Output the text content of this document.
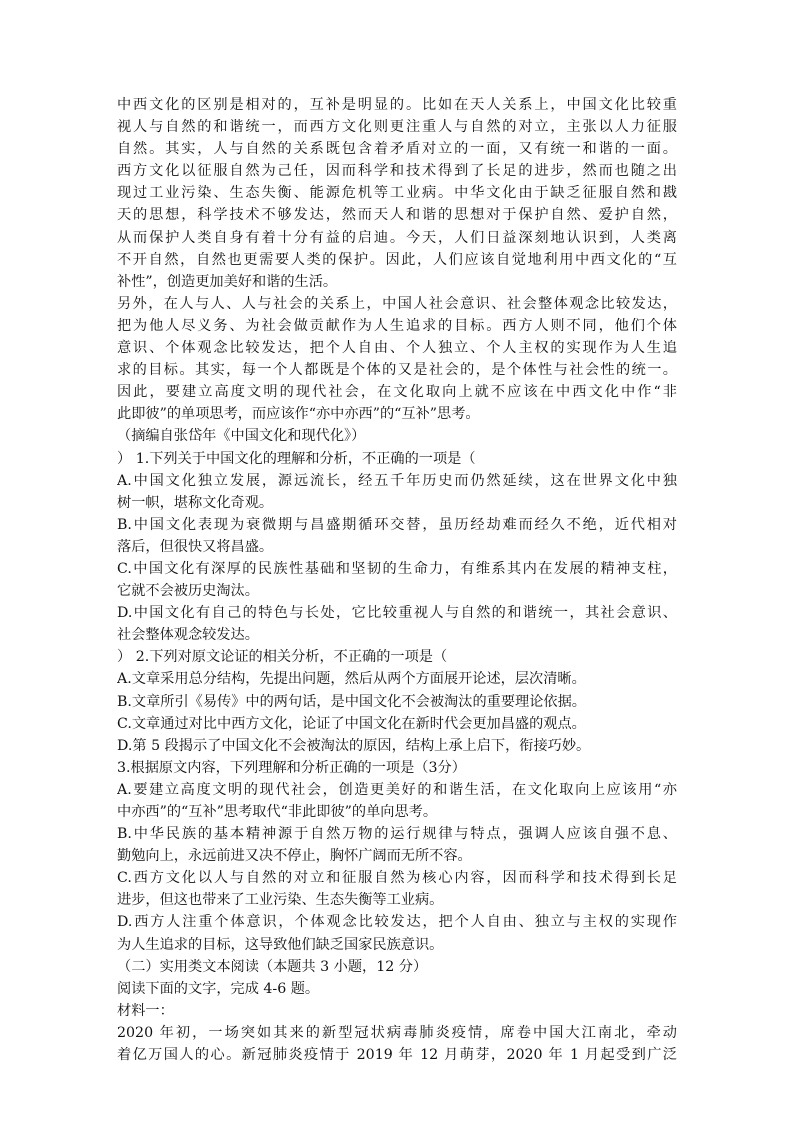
中西文化的区别是相对的，互补是明显的。比如在天人关系上，中国文化比较重
视人与自然的和谐统一，而西方文化则更注重人与自然的对立，主张以人力征服
自然。其实，人与自然的关系既包含着矛盾对立的一面，又有统一和谐的一面。
西方文化以征服自然为己任，因而科学和技术得到了长足的进步，然而也随之出
现过工业污染、生态失衡、能源危机等工业病。中华文化由于缺乏征服自然和戡
天的思想，科学技术不够发达，然而天人和谐的思想对于保护自然、爱护自然，
从而保护人类自身有着十分有益的启迪。今天，人们日益深刻地认识到，人类离
不开自然，自然也更需要人类的保护。因此，人们应该自觉地利用中西文化的“互
补性”，创造更加美好和谐的生活。
另外，在人与人、人与社会的关系上，中国人社会意识、社会整体观念比较发达，
把为他人尽义务、为社会做贡献作为人生追求的目标。西方人则不同，他们个体
意识、个体观念比较发达，把个人自由、个人独立、个人主权的实现作为人生追
求的目标。其实，每一个人都既是个体的又是社会的，是个体性与社会性的统一。
因此，要建立高度文明的现代社会，在文化取向上就不应该在中西文化中作“非
此即彼”的单项思考，而应该作“亦中亦西”的“互补”思考。
（摘编自张岱年《中国文化和现代化》）
） 1.下列关于中国文化的理解和分析，不正确的一项是（
A.中国文化独立发展，源远流长，经五千年历史而仍然延续，这在世界文化中独
树一帜，堪称文化奇观。
B.中国文化表现为衰微期与昌盛期循环交替，虽历经劫难而经久不绝，近代相对
落后，但很快又将昌盛。
C.中国文化有深厚的民族性基础和坚韧的生命力，有维系其内在发展的精神支柱，
它就不会被历史淘汰。
D.中国文化有自己的特色与长处，它比较重视人与自然的和谐统一，其社会意识、
社会整体观念较发达。
） 2.下列对原文论证的相关分析，不正确的一项是（
A.文章采用总分结构，先提出问题，然后从两个方面展开论述，层次清晰。
B.文章所引《易传》中的两句话，是中国文化不会被淘汰的重要理论依据。
C.文章通过对比中西方文化，论证了中国文化在新时代会更加昌盛的观点。
D.第 5 段揭示了中国文化不会被淘汰的原因，结构上承上启下，衔接巧妙。
3.根据原文内容，下列理解和分析正确的一项是（3分）
A.要建立高度文明的现代社会，创造更美好的和谐生活，在文化取向上应该用“亦
中亦西”的“互补”思考取代“非此即彼”的单向思考。
B.中华民族的基本精神源于自然万物的运行规律与特点，强调人应该自强不息、
勤勉向上，永远前进又决不停止，胸怀广阔而无所不容。
C.西方文化以人与自然的对立和征服自然为核心内容，因而科学和技术得到长足
进步，但这也带来了工业污染、生态失衡等工业病。
D.西方人注重个体意识，个体观念比较发达，把个人自由、独立与主权的实现作
为人生追求的目标，这导致他们缺乏国家民族意识。
（二）实用类文本阅读（本题共 3 小题，12 分）
阅读下面的文字，完成 4-6 题。
材料一：
2020 年初，一场突如其来的新型冠状病毒肺炎疫情，席卷中国大江南北，牵动
着亿万国人的心。新冠肺炎疫情于 2019 年 12 月萌芽，2020 年 1 月起受到广泛
